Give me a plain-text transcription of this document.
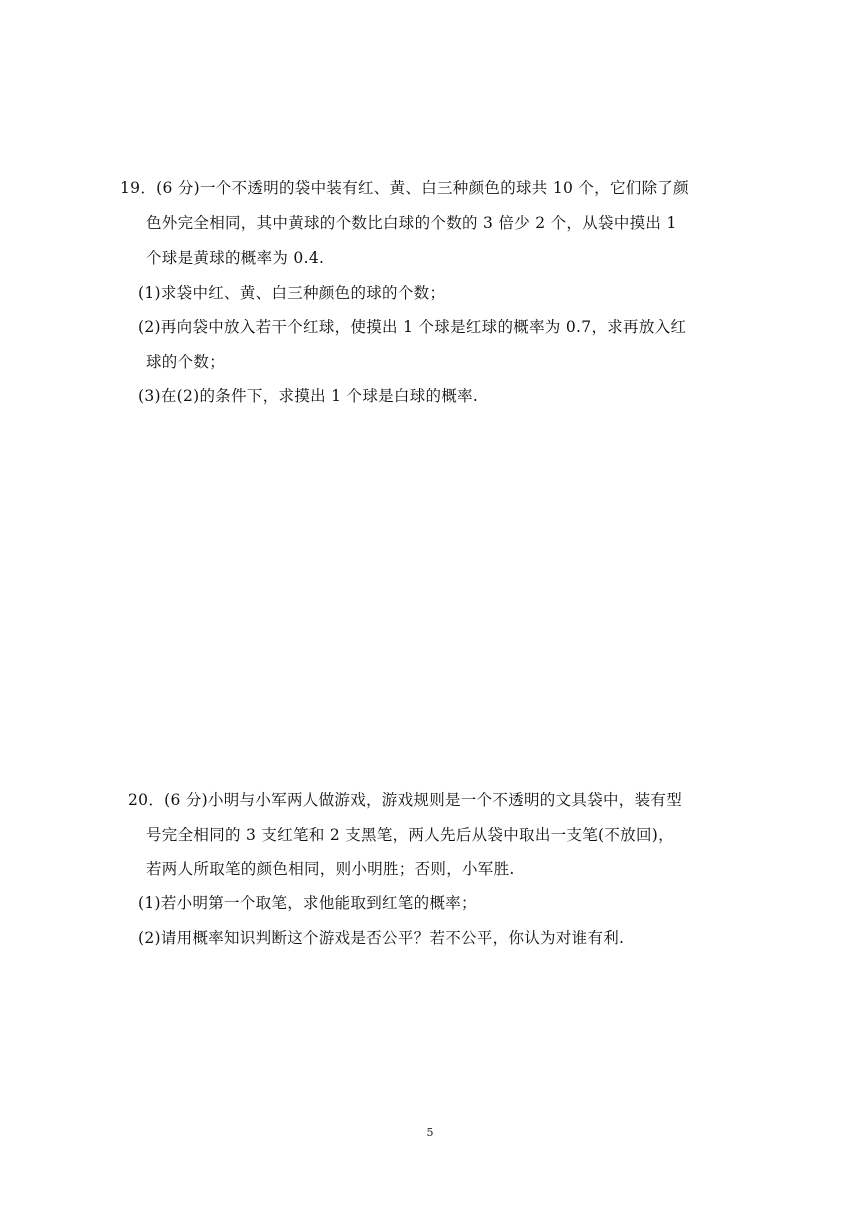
19．(6 分)一个不透明的袋中装有红、黄、白三种颜色的球共 10 个，它们除了颜
色外完全相同，其中黄球的个数比白球的个数的 3 倍少 2 个，从袋中摸出 1
个球是黄球的概率为 0.4.
(1)求袋中红、黄、白三种颜色的球的个数；
(2)再向袋中放入若干个红球，使摸出 1 个球是红球的概率为 0.7，求再放入红
球的个数；
(3)在(2)的条件下，求摸出 1 个球是白球的概率.
20．(6 分)小明与小军两人做游戏，游戏规则是一个不透明的文具袋中，装有型
号完全相同的 3 支红笔和 2 支黑笔，两人先后从袋中取出一支笔(不放回)，
若两人所取笔的颜色相同，则小明胜；否则，小军胜.
(1)若小明第一个取笔，求他能取到红笔的概率；
(2)请用概率知识判断这个游戏是否公平？若不公平，你认为对谁有利.
5
